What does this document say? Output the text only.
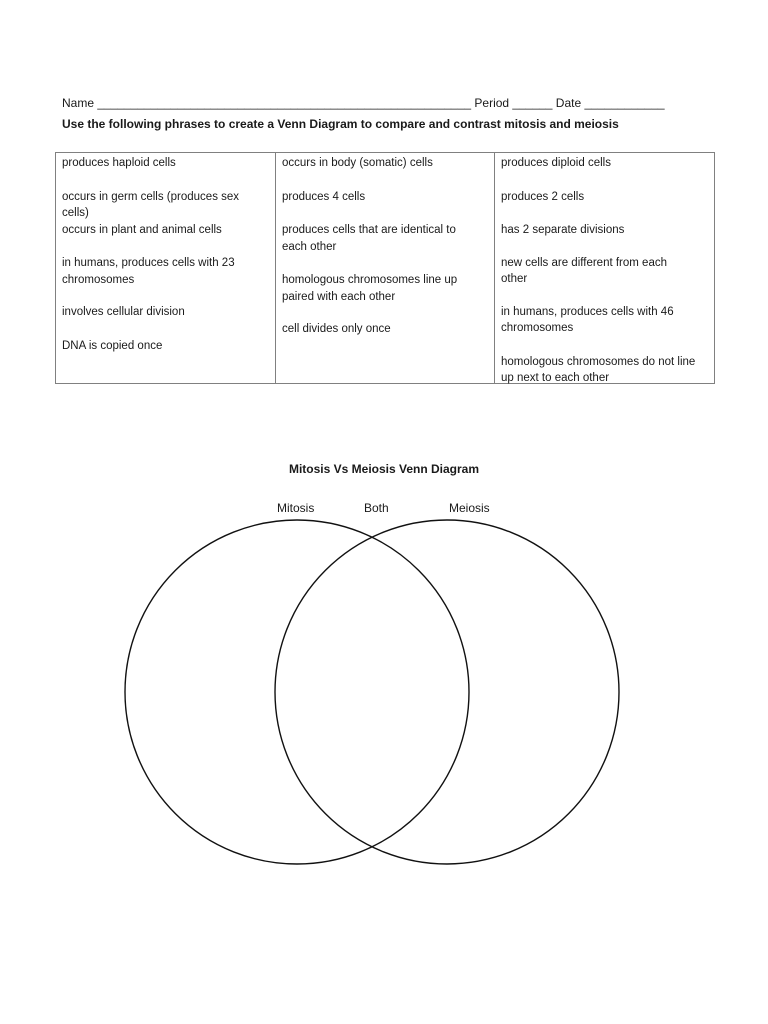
Name ________________________________________________________ Period ______ Date ____________
Use the following phrases to create a Venn Diagram to compare and contrast mitosis and meiosis

produces haploid cells

occurs in germ cells (produces sex
cells)

occurs in plant and animal cells

in humans, produces cells with 23
chromosomes

involves cellular division

DNA is copied once

occurs in body (somatic) cells

produces 4 cells

produces cells that are identical to
each other

homologous chromosomes line up
paired with each other

cell divides only once

produces diploid cells

produces 2 cells

has 2 separate divisions

new cells are different from each
other

in humans, produces cells with 46
chromosomes

homologous chromosomes do not line
up next to each other

Mitosis Vs Meiosis Venn Diagram
Mitosis	Both	Meiosis
